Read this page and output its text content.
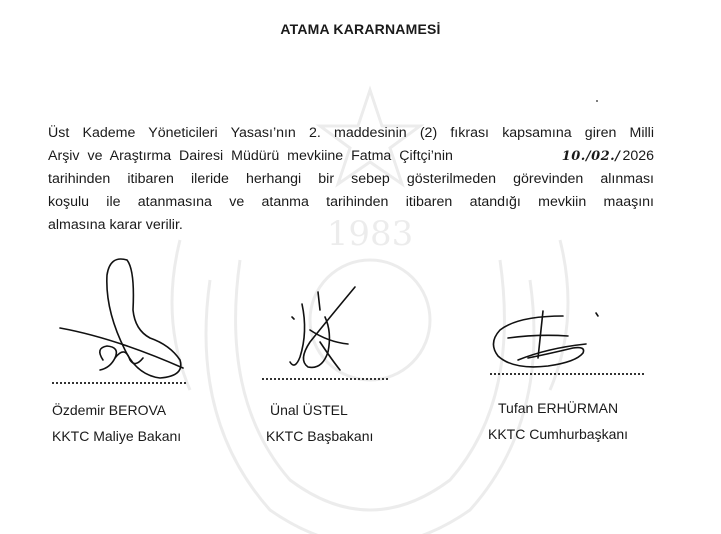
1983
ATAMA KARARNAMESİ
Üst Kademe Yöneticileri Yasası’nın 2. maddesinin (2) fıkrası kapsamına giren Milli
Arşiv ve Araştırma Dairesi Müdürü mevkiine Fatma Çiftçi’nin	10./02./ 2026
tarihinden itibaren ileride herhangi bir sebep gösterilmeden görevinden alınması
koşulu ile atanmasına ve atanma tarihinden itibaren atandığı mevkiin maaşını
almasına karar verilir.
Özdemir BEROVA
KKTC Maliye Bakanı
Ünal ÜSTEL
KKTC Başbakanı
Tufan ERHÜRMAN
KKTC Cumhurbaşkanı
